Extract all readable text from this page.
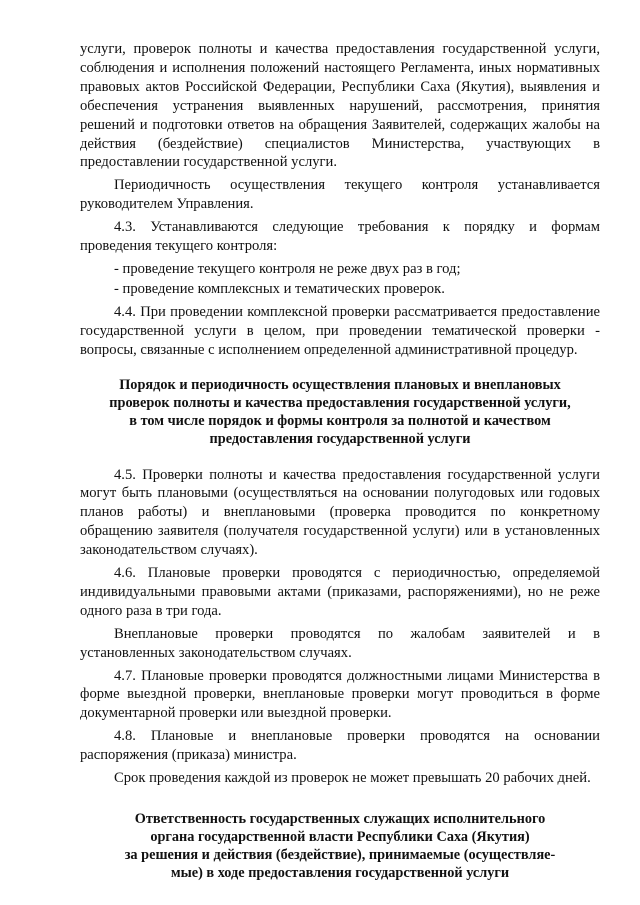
услуги, проверок полноты и качества предоставления государственной услуги, соблюдения и исполнения положений настоящего Регламента, иных нормативных правовых актов Российской Федерации, Республики Саха (Якутия), выявления и обеспечения устранения выявленных нарушений, рассмотрения, принятия решений и подготовки ответов на обращения Заявителей, содержащих жалобы на действия (бездействие) специалистов Министерства, участвующих в предоставлении государственной услуги.

Периодичность осуществления текущего контроля устанавливается руководителем Управления.

4.3. Устанавливаются следующие требования к порядку и формам проведения текущего контроля:

- проведение текущего контроля не реже двух раз в год;
- проведение комплексных и тематических проверок.

4.4. При проведении комплексной проверки рассматривается предоставление государственной услуги в целом, при проведении тематической проверки - вопросы, связанные с исполнением определенной административной процедур.

Порядок и периодичность осуществления плановых и внеплановых
проверок полноты и качества предоставления государственной услуги,
в том числе порядок и формы контроля за полнотой и качеством
предоставления государственной услуги

4.5. Проверки полноты и качества предоставления государственной услуги могут быть плановыми (осуществляться на основании полугодовых или годовых планов работы) и внеплановыми (проверка проводится по конкретному обращению заявителя (получателя государственной услуги) или в установленных законодательством случаях).

4.6. Плановые проверки проводятся с периодичностью, определяемой индивидуальными правовыми актами (приказами, распоряжениями), но не реже одного раза в три года.

Внеплановые проверки проводятся по жалобам заявителей и в установленных законодательством случаях.

4.7. Плановые проверки проводятся должностными лицами Министерства в форме выездной проверки, внеплановые проверки могут проводиться в форме документарной проверки или выездной проверки.

4.8. Плановые и внеплановые проверки проводятся на основании распоряжения (приказа) министра.

Срок проведения каждой из проверок не может превышать 20 рабочих дней.

Ответственность государственных служащих исполнительного
органа государственной власти Республики Саха (Якутия)
за решения и действия (бездействие), принимаемые (осуществляе-
мые) в ходе предоставления государственной услуги
